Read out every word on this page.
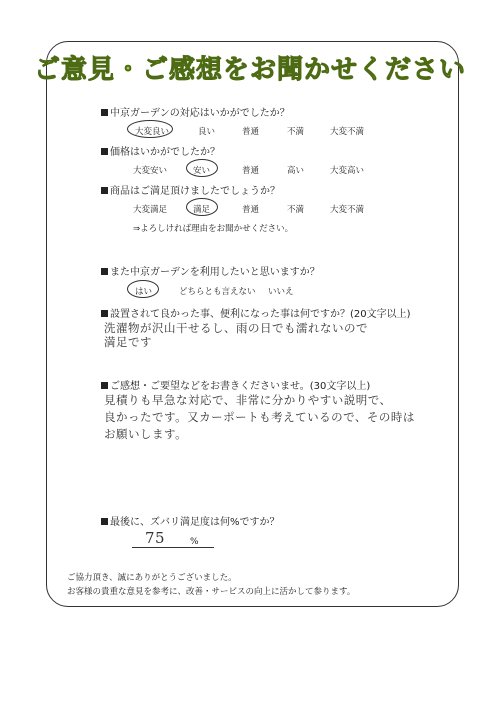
ご意見・ご感想をお聞かせください
中京ガーデンの対応はいかがでしたか？
大変良い	良い	普通	不満	大変不満
価格はいかがでしたか？
大変安い	安い	普通	高い	大変高い
商品はご満足頂けましたでしょうか？
大変満足	満足	普通	不満	大変不満
⇒よろしければ理由をお聞かせください。
また中京ガーデンを利用したいと思いますか？
はい	どちらとも言えない いいえ
設置されて良かった事、便利になった事は何ですか？(20文字以上)
洗濯物が沢山干せるし、雨の日でも濡れないので
満足です
ご感想・ご要望などをお書きくださいませ。(30文字以上)
見積りも早急な対応で、非常に分かりやすい説明で、
良かったです。又カーポートも考えているので、その時は
お願いします。
最後に、ズバリ満足度は何%ですか？
75	%
ご協力頂き、誠にありがとうございました。
お客様の貴重な意見を参考に、改善・サービスの向上に活かして参ります。
